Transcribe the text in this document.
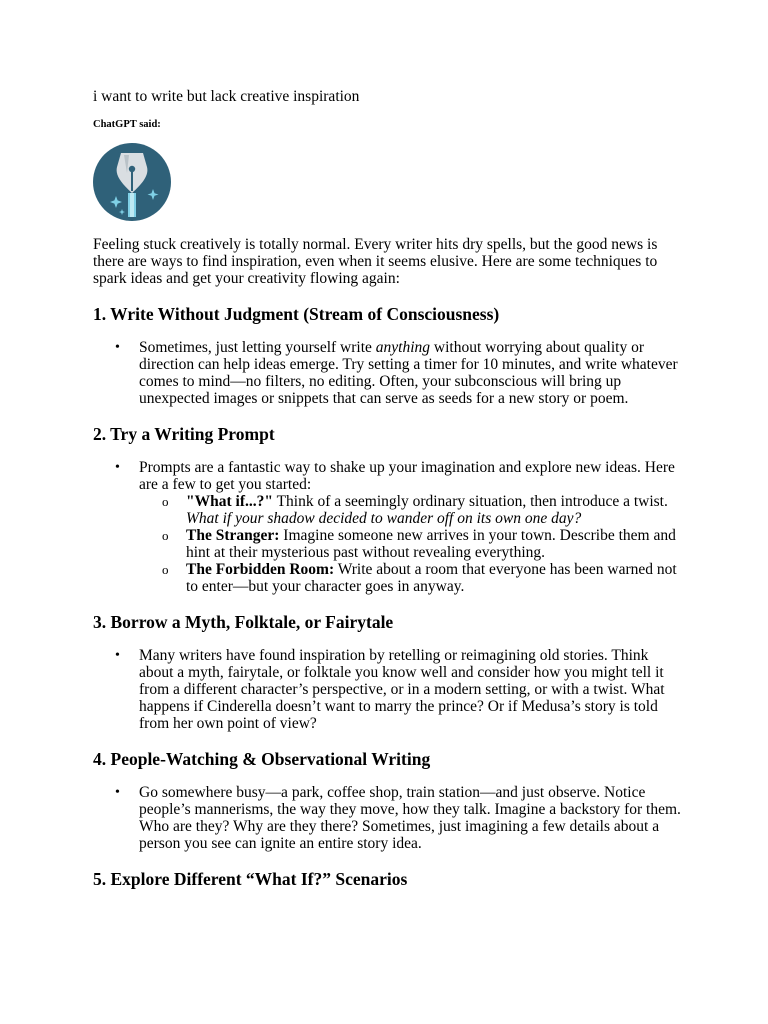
i want to write but lack creative inspiration

ChatGPT said:

Feeling stuck creatively is totally normal. Every writer hits dry spells, but the good news is there are ways to find inspiration, even when it seems elusive. Here are some techniques to spark ideas and get your creativity flowing again:

1. Write Without Judgment (Stream of Consciousness)
• Sometimes, just letting yourself write anything without worrying about quality or direction can help ideas emerge. Try setting a timer for 10 minutes, and write whatever comes to mind—no filters, no editing. Often, your subconscious will bring up unexpected images or snippets that can serve as seeds for a new story or poem.
2. Try a Writing Prompt
• Prompts are a fantastic way to shake up your imagination and explore new ideas. Here are a few to get you started:
o "What if...?" Think of a seemingly ordinary situation, then introduce a twist. What if your shadow decided to wander off on its own one day?
o The Stranger: Imagine someone new arrives in your town. Describe them and hint at their mysterious past without revealing everything.
o The Forbidden Room: Write about a room that everyone has been warned not to enter—but your character goes in anyway.
3. Borrow a Myth, Folktale, or Fairytale
• Many writers have found inspiration by retelling or reimagining old stories. Think about a myth, fairytale, or folktale you know well and consider how you might tell it from a different character’s perspective, or in a modern setting, or with a twist. What happens if Cinderella doesn’t want to marry the prince? Or if Medusa’s story is told from her own point of view?
4. People-Watching & Observational Writing
• Go somewhere busy—a park, coffee shop, train station—and just observe. Notice people’s mannerisms, the way they move, how they talk. Imagine a backstory for them. Who are they? Why are they there? Sometimes, just imagining a few details about a person you see can ignite an entire story idea.
5. Explore Different “What If?” Scenarios
